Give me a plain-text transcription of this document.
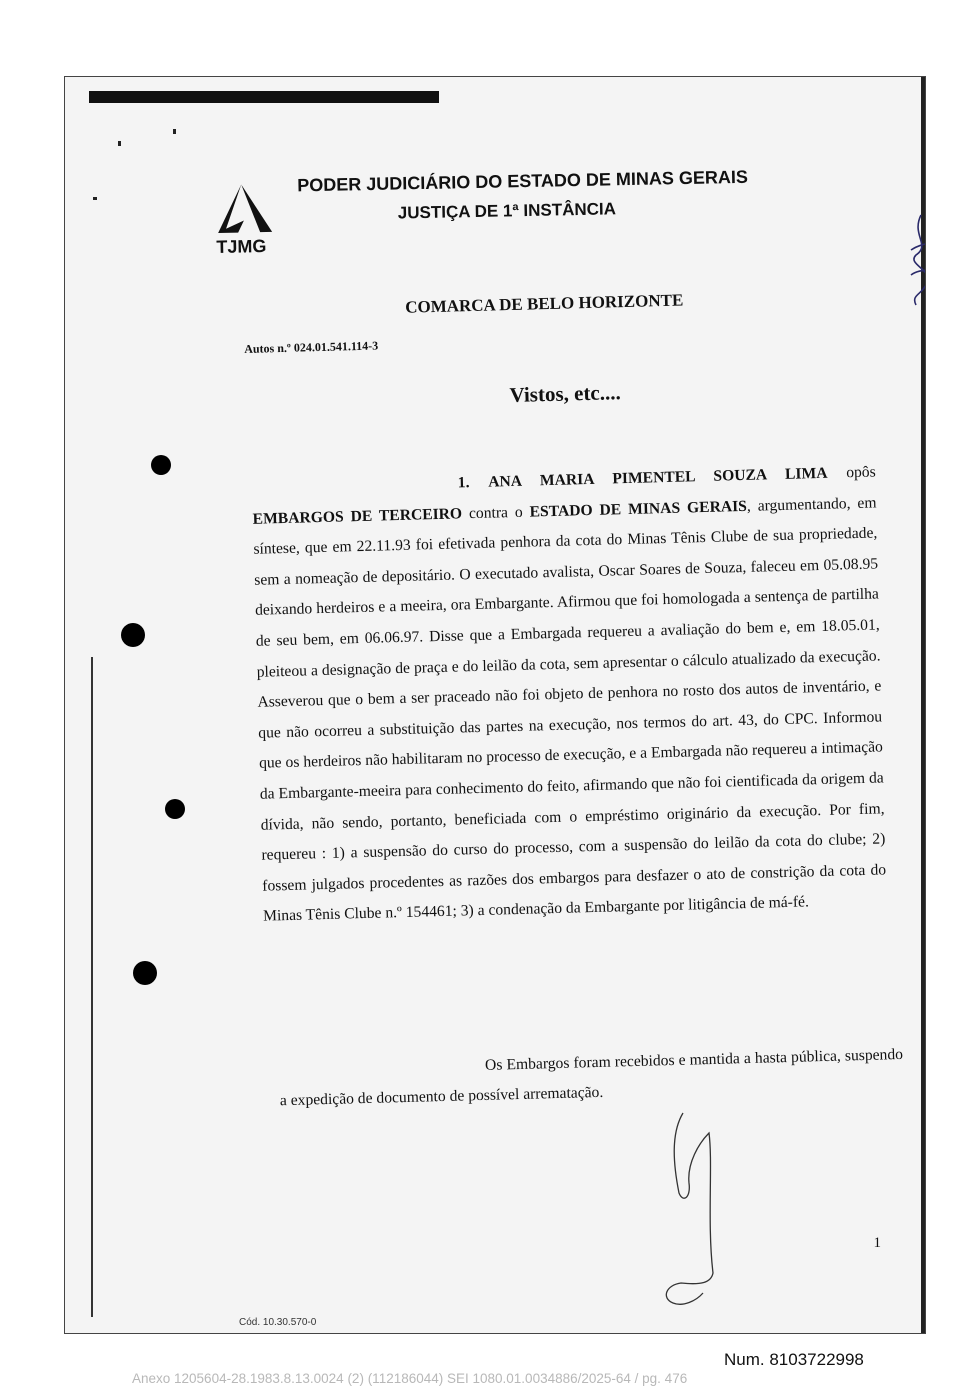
TJMG
PODER JUDICIÁRIO DO ESTADO DE MINAS GERAIS
JUSTIÇA DE 1ª INSTÂNCIA
COMARCA DE BELO HORIZONTE
Autos n.º 024.01.541.114-3
Vistos, etc....
1. ANA MARIA PIMENTEL SOUZA LIMA opôs EMBARGOS DE TERCEIRO contra o ESTADO DE MINAS GERAIS, argumentando, em síntese, que em 22.11.93 foi efetivada penhora da cota do Minas Tênis Clube de sua propriedade, sem a nomeação de depositário. O executado avalista, Oscar Soares de Souza, faleceu em 05.08.95 deixando herdeiros e a meeira, ora Embargante. Afirmou que foi homologada a sentença de partilha de seu bem, em 06.06.97. Disse que a Embargada requereu a avaliação do bem e, em 18.05.01, pleiteou a designação de praça e do leilão da cota, sem apresentar o cálculo atualizado da execução. Asseverou que o bem a ser praceado não foi objeto de penhora no rosto dos autos de inventário, e que não ocorreu a substituição das partes na execução, nos termos do art. 43, do CPC. Informou que os herdeiros não habilitaram no processo de execução, e a Embargada não requereu a intimação da Embargante-meeira para conhecimento do feito, afirmando que não foi cientificada da origem da dívida, não sendo, portanto, beneficiada com o empréstimo originário da execução. Por fim, requereu : 1) a suspensão do curso do processo, com a suspensão do leilão da cota do clube; 2) fossem julgados procedentes as razões dos embargos para desfazer o ato de constrição da cota do Minas Tênis Clube n.º 154461; 3) a condenação da Embargante por litigância de má-fé.
Os Embargos foram recebidos e mantida a hasta pública, suspendo a expedição de documento de possível arrematação.
1
Cód. 10.30.570-0
Num. 8103722998
Anexo 1205604-28.1983.8.13.0024 (2) (112186044) SEI 1080.01.0034886/2025-64 / pg. 476
